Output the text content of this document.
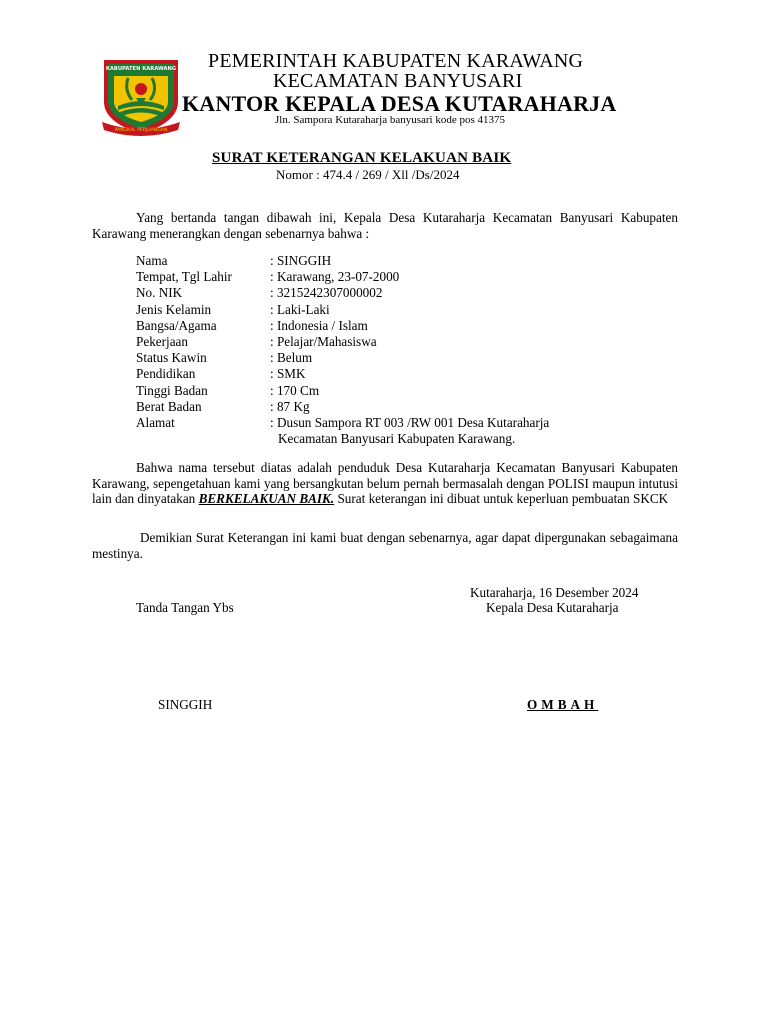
KABUPATEN KARAWANG
PANGKAL PERJUANGAN
PEMERINTAH KABUPATEN KARAWANG
KECAMATAN BANYUSARI
KANTOR KEPALA DESA KUTARAHARJA
Jln. Sampora Kutaraharja banyusari kode pos 41375
SURAT KETERANGAN KELAKUAN BAIK
Nomor : 474.4 / 269 / Xll /Ds/2024
Yang bertanda tangan dibawah ini, Kepala Desa Kutaraharja Kecamatan Banyusari Kabupaten Karawang menerangkan dengan sebenarnya bahwa :
Nama	: SINGGIH
Tempat, Tgl Lahir	: Karawang, 23-07-2000
No. NIK	: 3215242307000002
Jenis Kelamin	: Laki-Laki
Bangsa/Agama	: Indonesia / Islam
Pekerjaan	: Pelajar/Mahasiswa
Status Kawin	: Belum
Pendidikan	: SMK
Tinggi Badan	: 170 Cm
Berat Badan	: 87 Kg
Alamat	: Dusun Sampora RT 003 /RW 001 Desa Kutaraharja
Kecamatan Banyusari Kabupaten Karawang.
Bahwa nama tersebut diatas adalah penduduk Desa Kutaraharja Kecamatan Banyusari Kabupaten Karawang, sepengetahuan kami yang bersangkutan belum pernah bermasalah dengan POLISI maupun intutusi lain dan dinyatakan BERKELAKUAN BAIK. Surat keterangan ini dibuat untuk keperluan pembuatan SKCK
Demikian Surat Keterangan ini kami buat dengan sebenarnya, agar dapat dipergunakan sebagaimana mestinya.
Kutaraharja, 16 Desember 2024
Tanda Tangan Ybs	Kepala Desa Kutaraharja
SINGGIH	OMBAH
